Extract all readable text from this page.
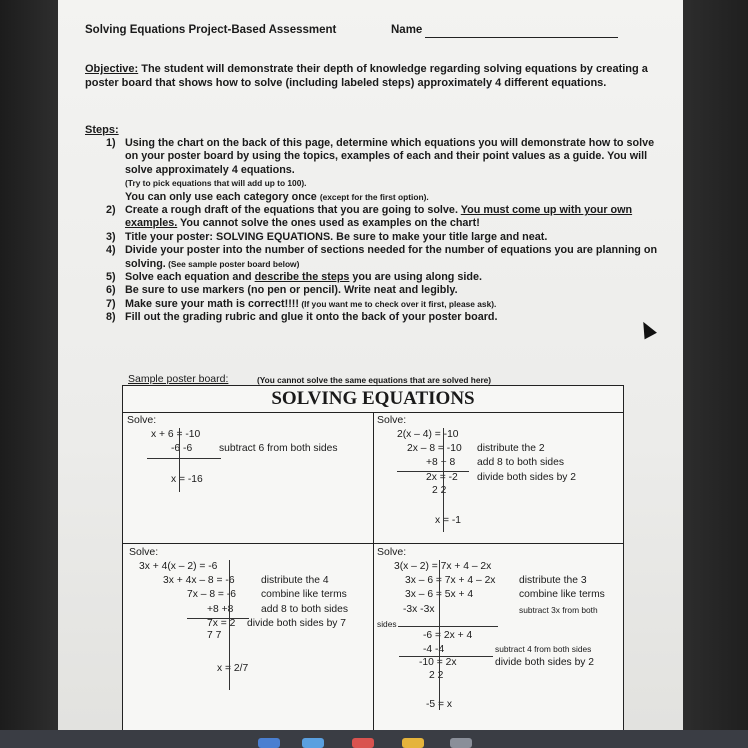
Solving Equations Project-Based Assessment	Name
Objective: The student will demonstrate their depth of knowledge regarding solving equations by creating a poster board that shows how to solve (including labeled steps) approximately 4 different equations.
Steps:
1) Using the chart on the back of this page, determine which equations you will demonstrate how to solve on your poster board by using the topics, examples of each and their point values as a guide. You will solve approximately 4 equations.
(Try to pick equations that will add up to 100).
You can only use each category once (except for the first option).
2) Create a rough draft of the equations that you are going to solve. You must come up with your own examples. You cannot solve the ones used as examples on the chart!
3) Title your poster: SOLVING EQUATIONS. Be sure to make your title large and neat.
4) Divide your poster into the number of sections needed for the number of equations you are planning on solving. (See sample poster board below)
5) Solve each equation and describe the steps you are using along side.
6) Be sure to use markers (no pen or pencil). Write neat and legibly.
7) Make sure your math is correct!!!! (If you want me to check over it first, please ask).
8) Fill out the grading rubric and glue it onto the back of your poster board.
Sample poster board:	(You cannot solve the same equations that are solved here)
SOLVING EQUATIONS
Solve:
x + 6 = -10
-6 -6	subtract 6 from both sides
x = -16
Solve:
2(x – 4) = -10
2x – 8 = -10 distribute the 2
+8 + 8 add 8 to both sides
2x = -2 divide both sides by 2
2 2
x = -1
Solve:
3x + 4(x – 2) = -6
3x + 4x – 8 = -6	distribute the 4
7x – 8 = -6 combine like terms
+8 +8	add 8 to both sides
7x = 2 divide both sides by 7
7 7
x = 2/7
Solve:
3(x – 2) = 7x + 4 – 2x
3x – 6 = 7x + 4 – 2x distribute the 3
3x – 6 = 5x + 4	combine like terms
-3x -3x	subtract 3x from both
sides
-6 = 2x + 4
-4 -4	subtract 4 from both sides
-10 = 2x	divide both sides by 2
2 2
-5 = x
